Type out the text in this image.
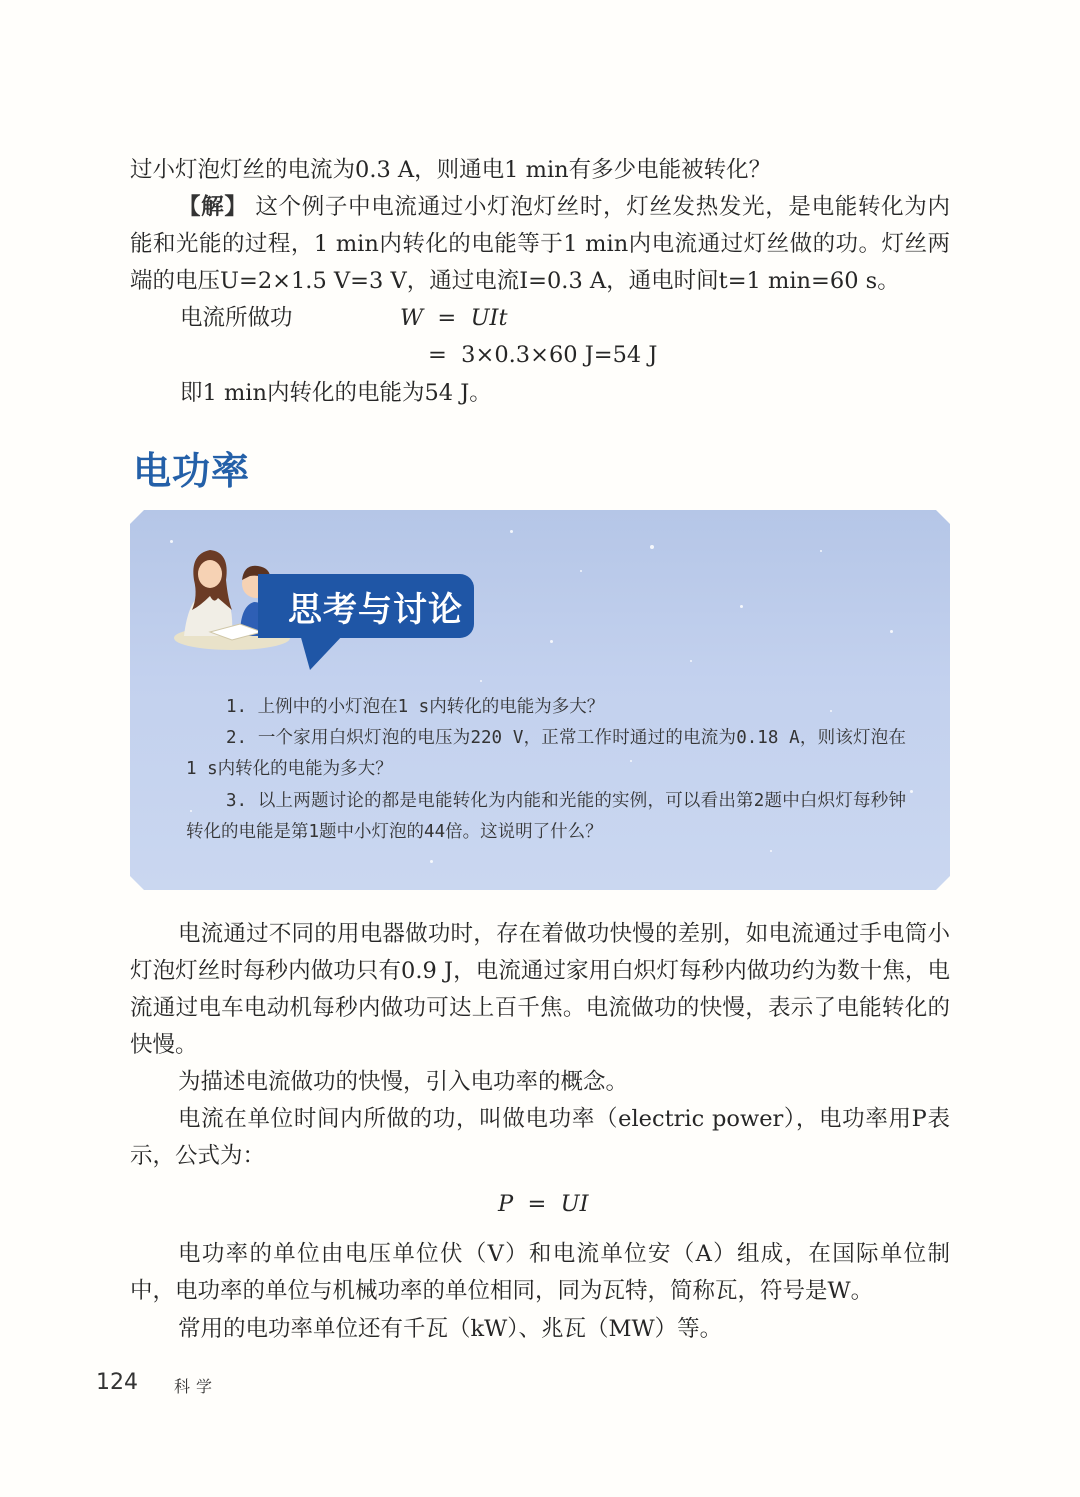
过小灯泡灯丝的电流为0.3 A，则通电1 min有多少电能被转化？

【解】 这个例子中电流通过小灯泡灯丝时，灯丝发热发光，是电能转化为内能和光能的过程，1 min内转化的电能等于1 min内电流通过灯丝做的功。灯丝两端的电压U=2×1.5 V=3 V，通过电流I=0.3 A，通电时间t=1 min=60 s。

电流所做功	W  =  UIt
=  3×0.3×60 J=54 J
即1 min内转化的电能为54 J。
电功率
思考与讨论

1. 上例中的小灯泡在1 s内转化的电能为多大？

2. 一个家用白炽灯泡的电压为220 V，正常工作时通过的电流为0.18 A，则该灯泡在1 s内转化的电能为多大？

3. 以上两题讨论的都是电能转化为内能和光能的实例，可以看出第2题中白炽灯每秒钟转化的电能是第1题中小灯泡的44倍。这说明了什么？

电流通过不同的用电器做功时，存在着做功快慢的差别，如电流通过手电筒小灯泡灯丝时每秒内做功只有0.9 J，电流通过家用白炽灯每秒内做功约为数十焦，电流通过电车电动机每秒内做功可达上百千焦。电流做功的快慢，表示了电能转化的快慢。

为描述电流做功的快慢，引入电功率的概念。

电流在单位时间内所做的功，叫做电功率（electric power），电功率用P表示，公式为：

P  =  UI

电功率的单位由电压单位伏（V）和电流单位安（A）组成，在国际单位制中，电功率的单位与机械功率的单位相同，同为瓦特，简称瓦，符号是W。

常用的电功率单位还有千瓦（kW）、兆瓦（MW）等。

124 科学
